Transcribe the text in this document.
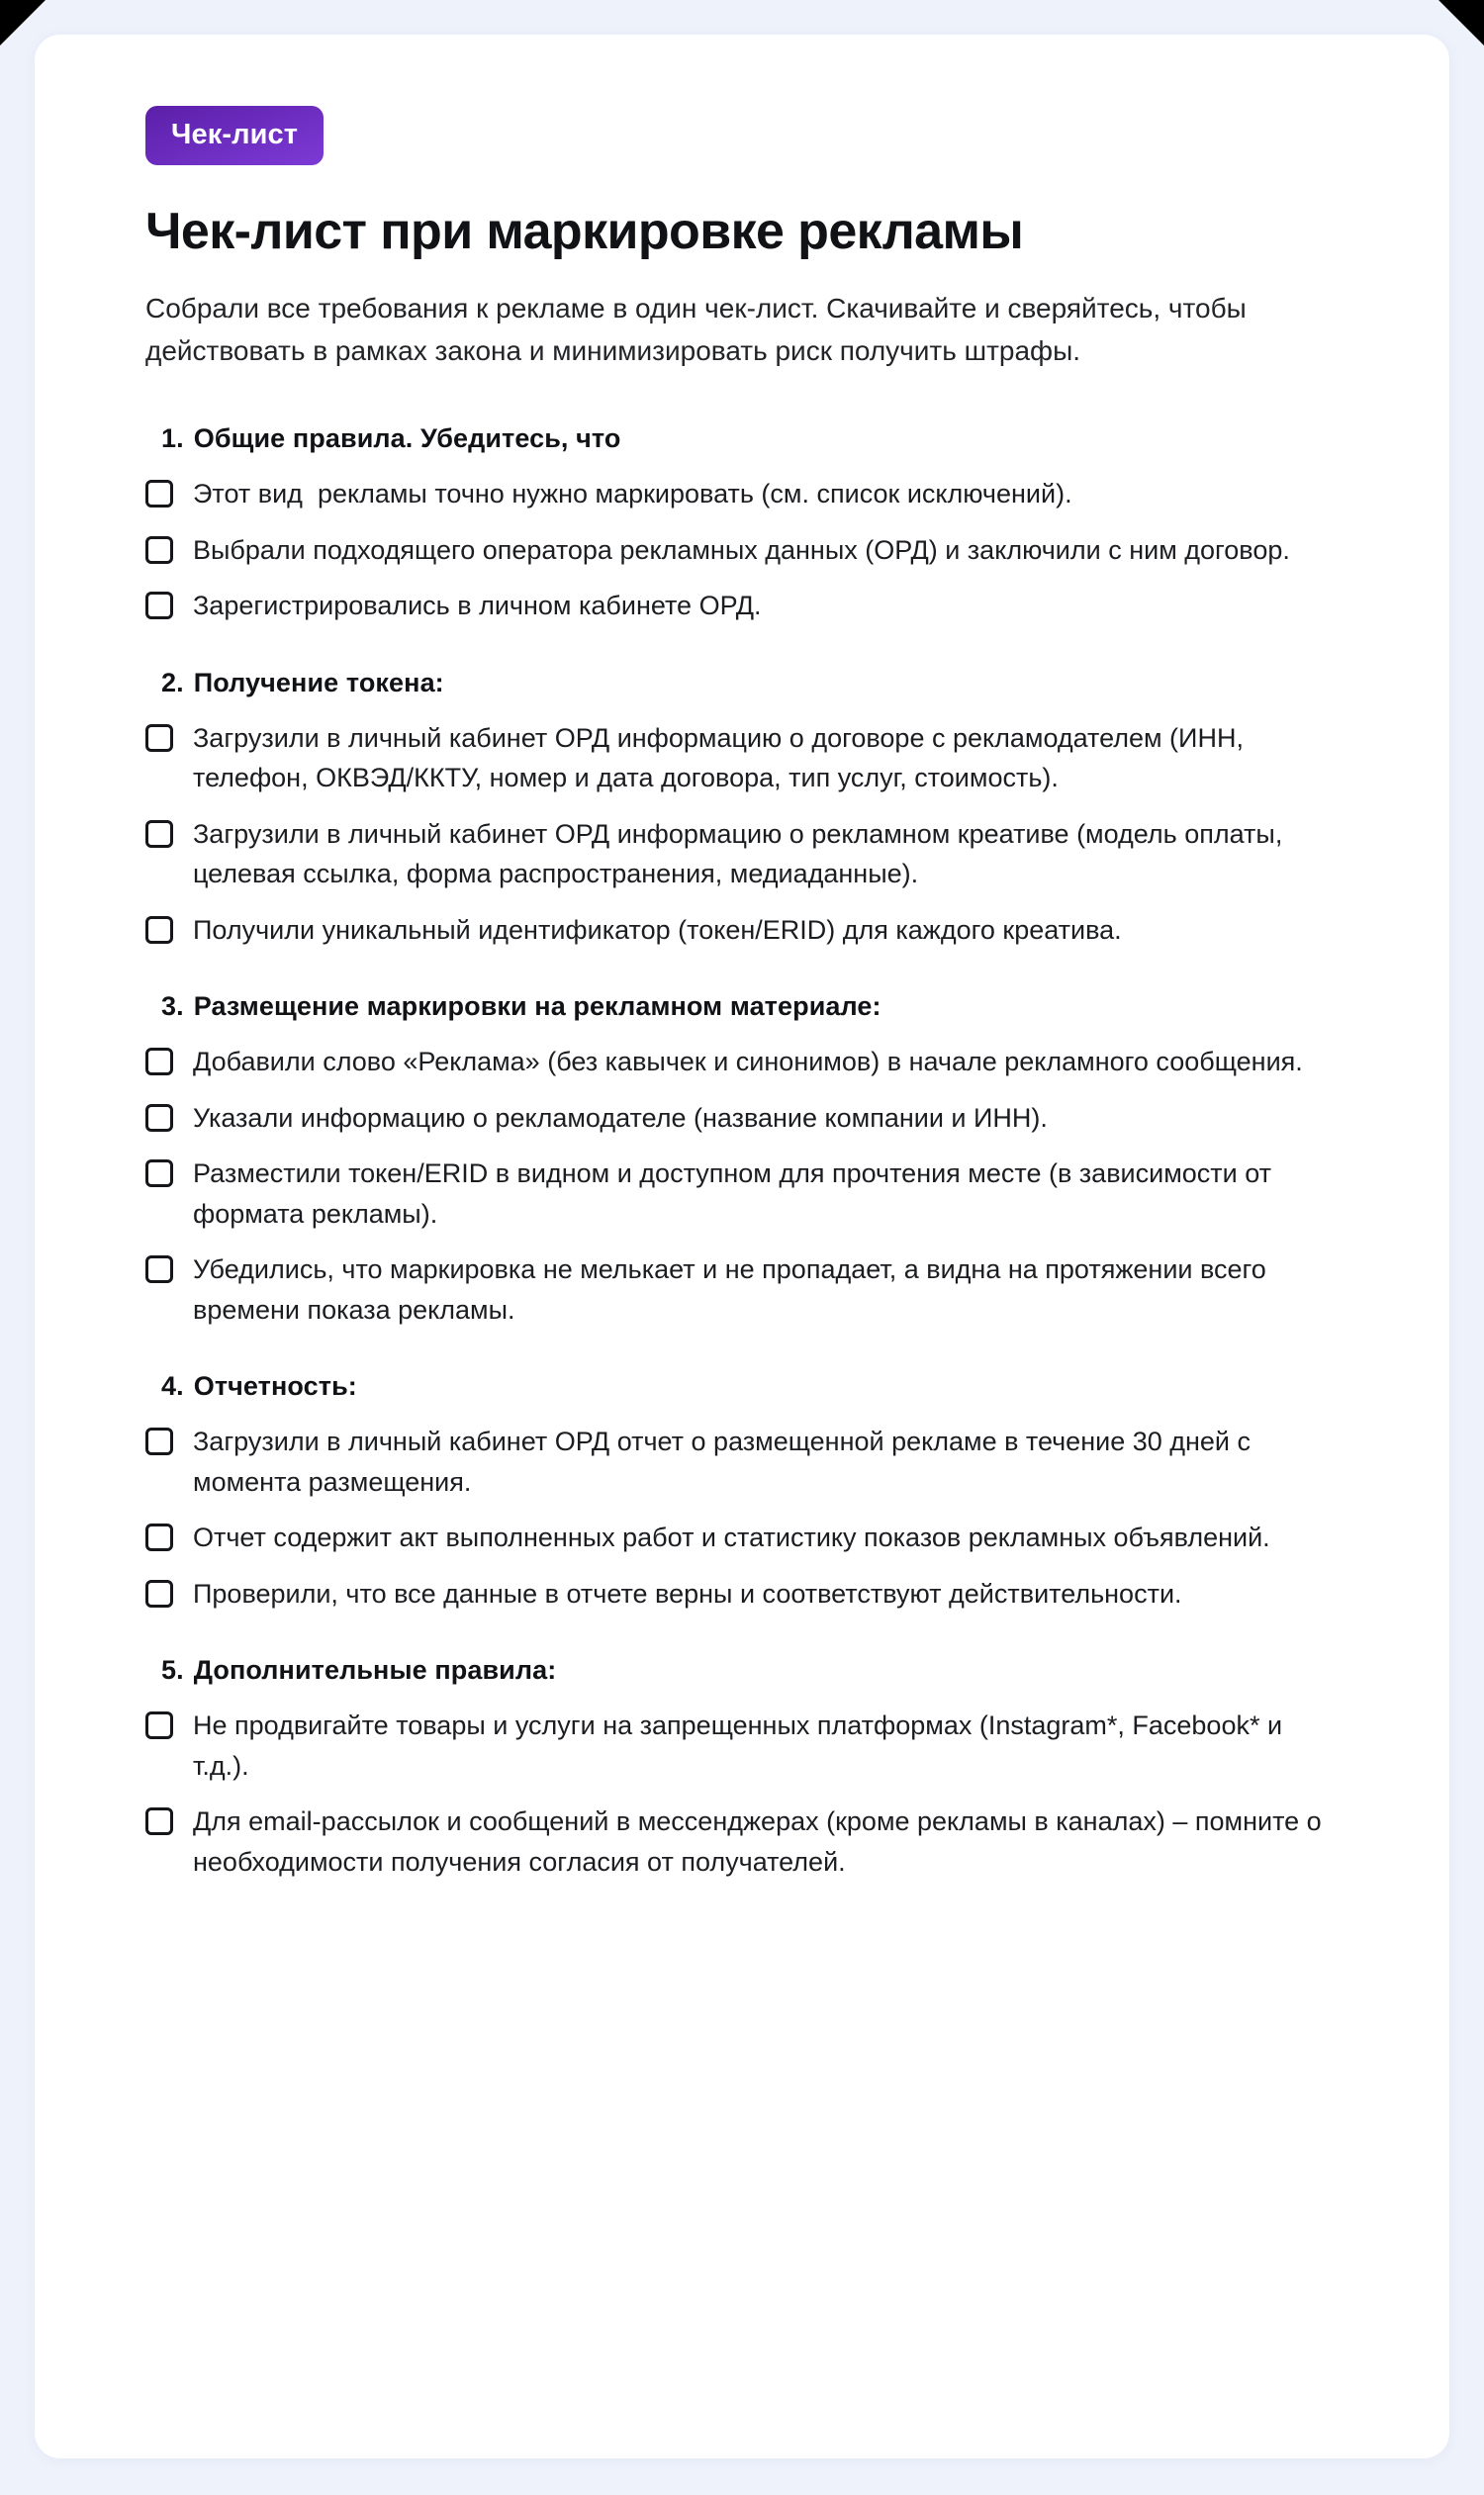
Чек-лист
Чек-лист при маркировке рекламы

Собрали все требования к рекламе в один чек-лист. Скачивайте и сверяйтесь, чтобы действовать в рамках закона и минимизировать риск получить штрафы.

1. Общие правила. Убедитесь, что
Этот вид  рекламы точно нужно маркировать (см. список исключений).
Выбрали подходящего оператора рекламных данных (ОРД) и заключили с ним договор.
Зарегистрировались в личном кабинете ОРД.
2. Получение токена:
Загрузили в личный кабинет ОРД информацию о договоре с рекламодателем (ИНН, телефон, ОКВЭД/ККТУ, номер и дата договора, тип услуг, стоимость).
Загрузили в личный кабинет ОРД информацию о рекламном креативе (модель оплаты, целевая ссылка, форма распространения, медиаданные).
Получили уникальный идентификатор (токен/ERID) для каждого креатива.
3. Размещение маркировки на рекламном материале:
Добавили слово «Реклама» (без кавычек и синонимов) в начале рекламного сообщения.
Указали информацию о рекламодателе (название компании и ИНН).
Разместили токен/ERID в видном и доступном для прочтения месте (в зависимости от формата рекламы).
Убедились, что маркировка не мелькает и не пропадает, а видна на протяжении всего времени показа рекламы.
4. Отчетность:
Загрузили в личный кабинет ОРД отчет о размещенной рекламе в течение 30 дней с момента размещения.
Отчет содержит акт выполненных работ и статистику показов рекламных объявлений.
Проверили, что все данные в отчете верны и соответствуют действительности.
5. Дополнительные правила:
Не продвигайте товары и услуги на запрещенных платформах (Instagram*, Facebook* и т.д.).
Для email-рассылок и сообщений в мессенджерах (кроме рекламы в каналах) – помните о необходимости получения согласия от получателей.
